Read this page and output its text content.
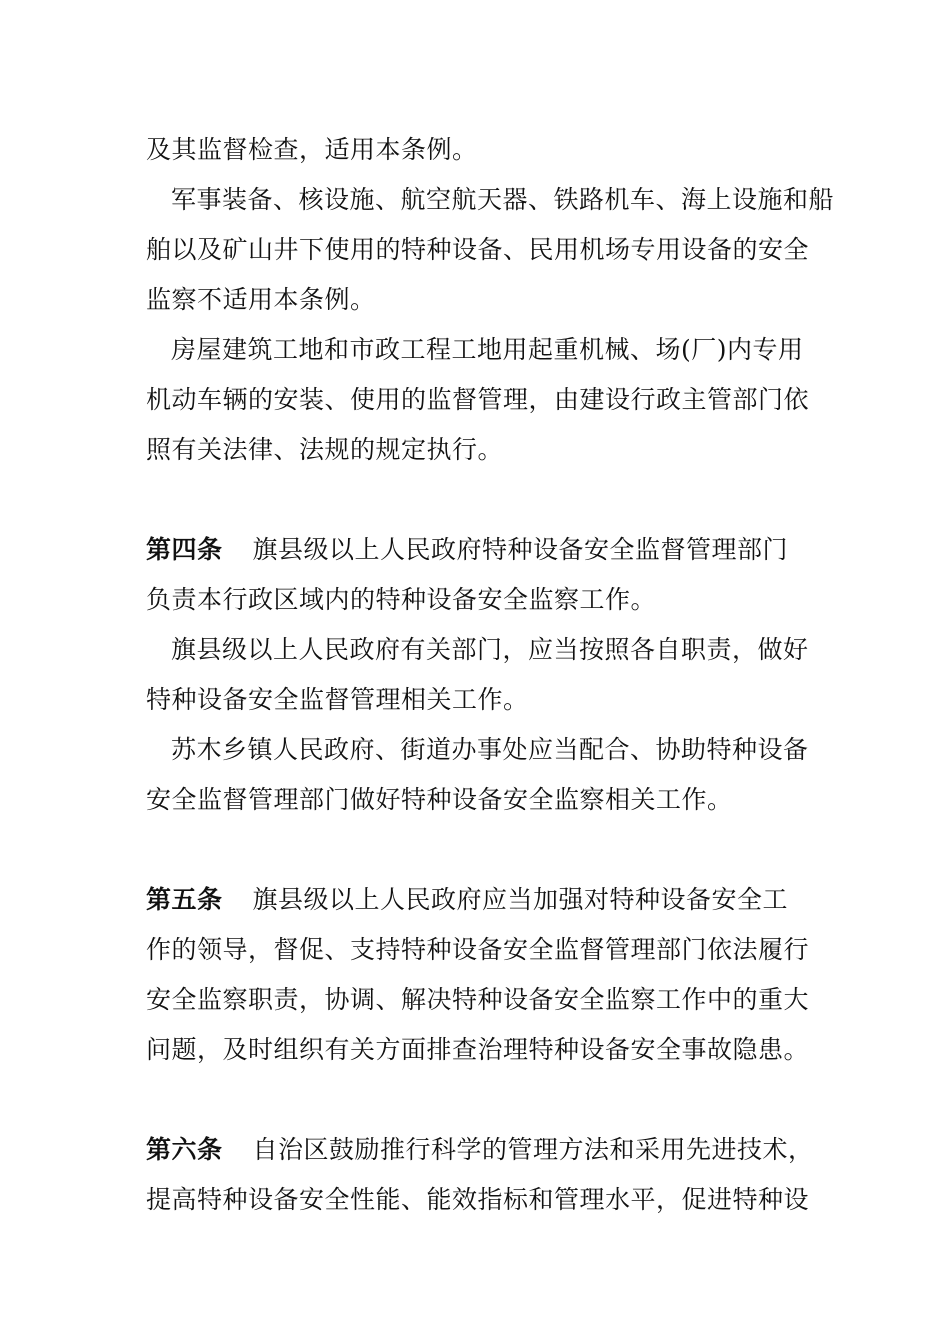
及其监督检查，适用本条例。
军事装备、核设施、航空航天器、铁路机车、海上设施和船
舶以及矿山井下使用的特种设备、民用机场专用设备的安全
监察不适用本条例。
房屋建筑工地和市政工程工地用起重机械、场(厂)内专用
机动车辆的安装、使用的监督管理，由建设行政主管部门依
照有关法律、法规的规定执行。
第四条 旗县级以上人民政府特种设备安全监督管理部门
负责本行政区域内的特种设备安全监察工作。
旗县级以上人民政府有关部门，应当按照各自职责，做好
特种设备安全监督管理相关工作。
苏木乡镇人民政府、街道办事处应当配合、协助特种设备
安全监督管理部门做好特种设备安全监察相关工作。
第五条 旗县级以上人民政府应当加强对特种设备安全工
作的领导，督促、支持特种设备安全监督管理部门依法履行
安全监察职责，协调、解决特种设备安全监察工作中的重大
问题，及时组织有关方面排查治理特种设备安全事故隐患。
第六条 自治区鼓励推行科学的管理方法和采用先进技术，
提高特种设备安全性能、能效指标和管理水平，促进特种设
